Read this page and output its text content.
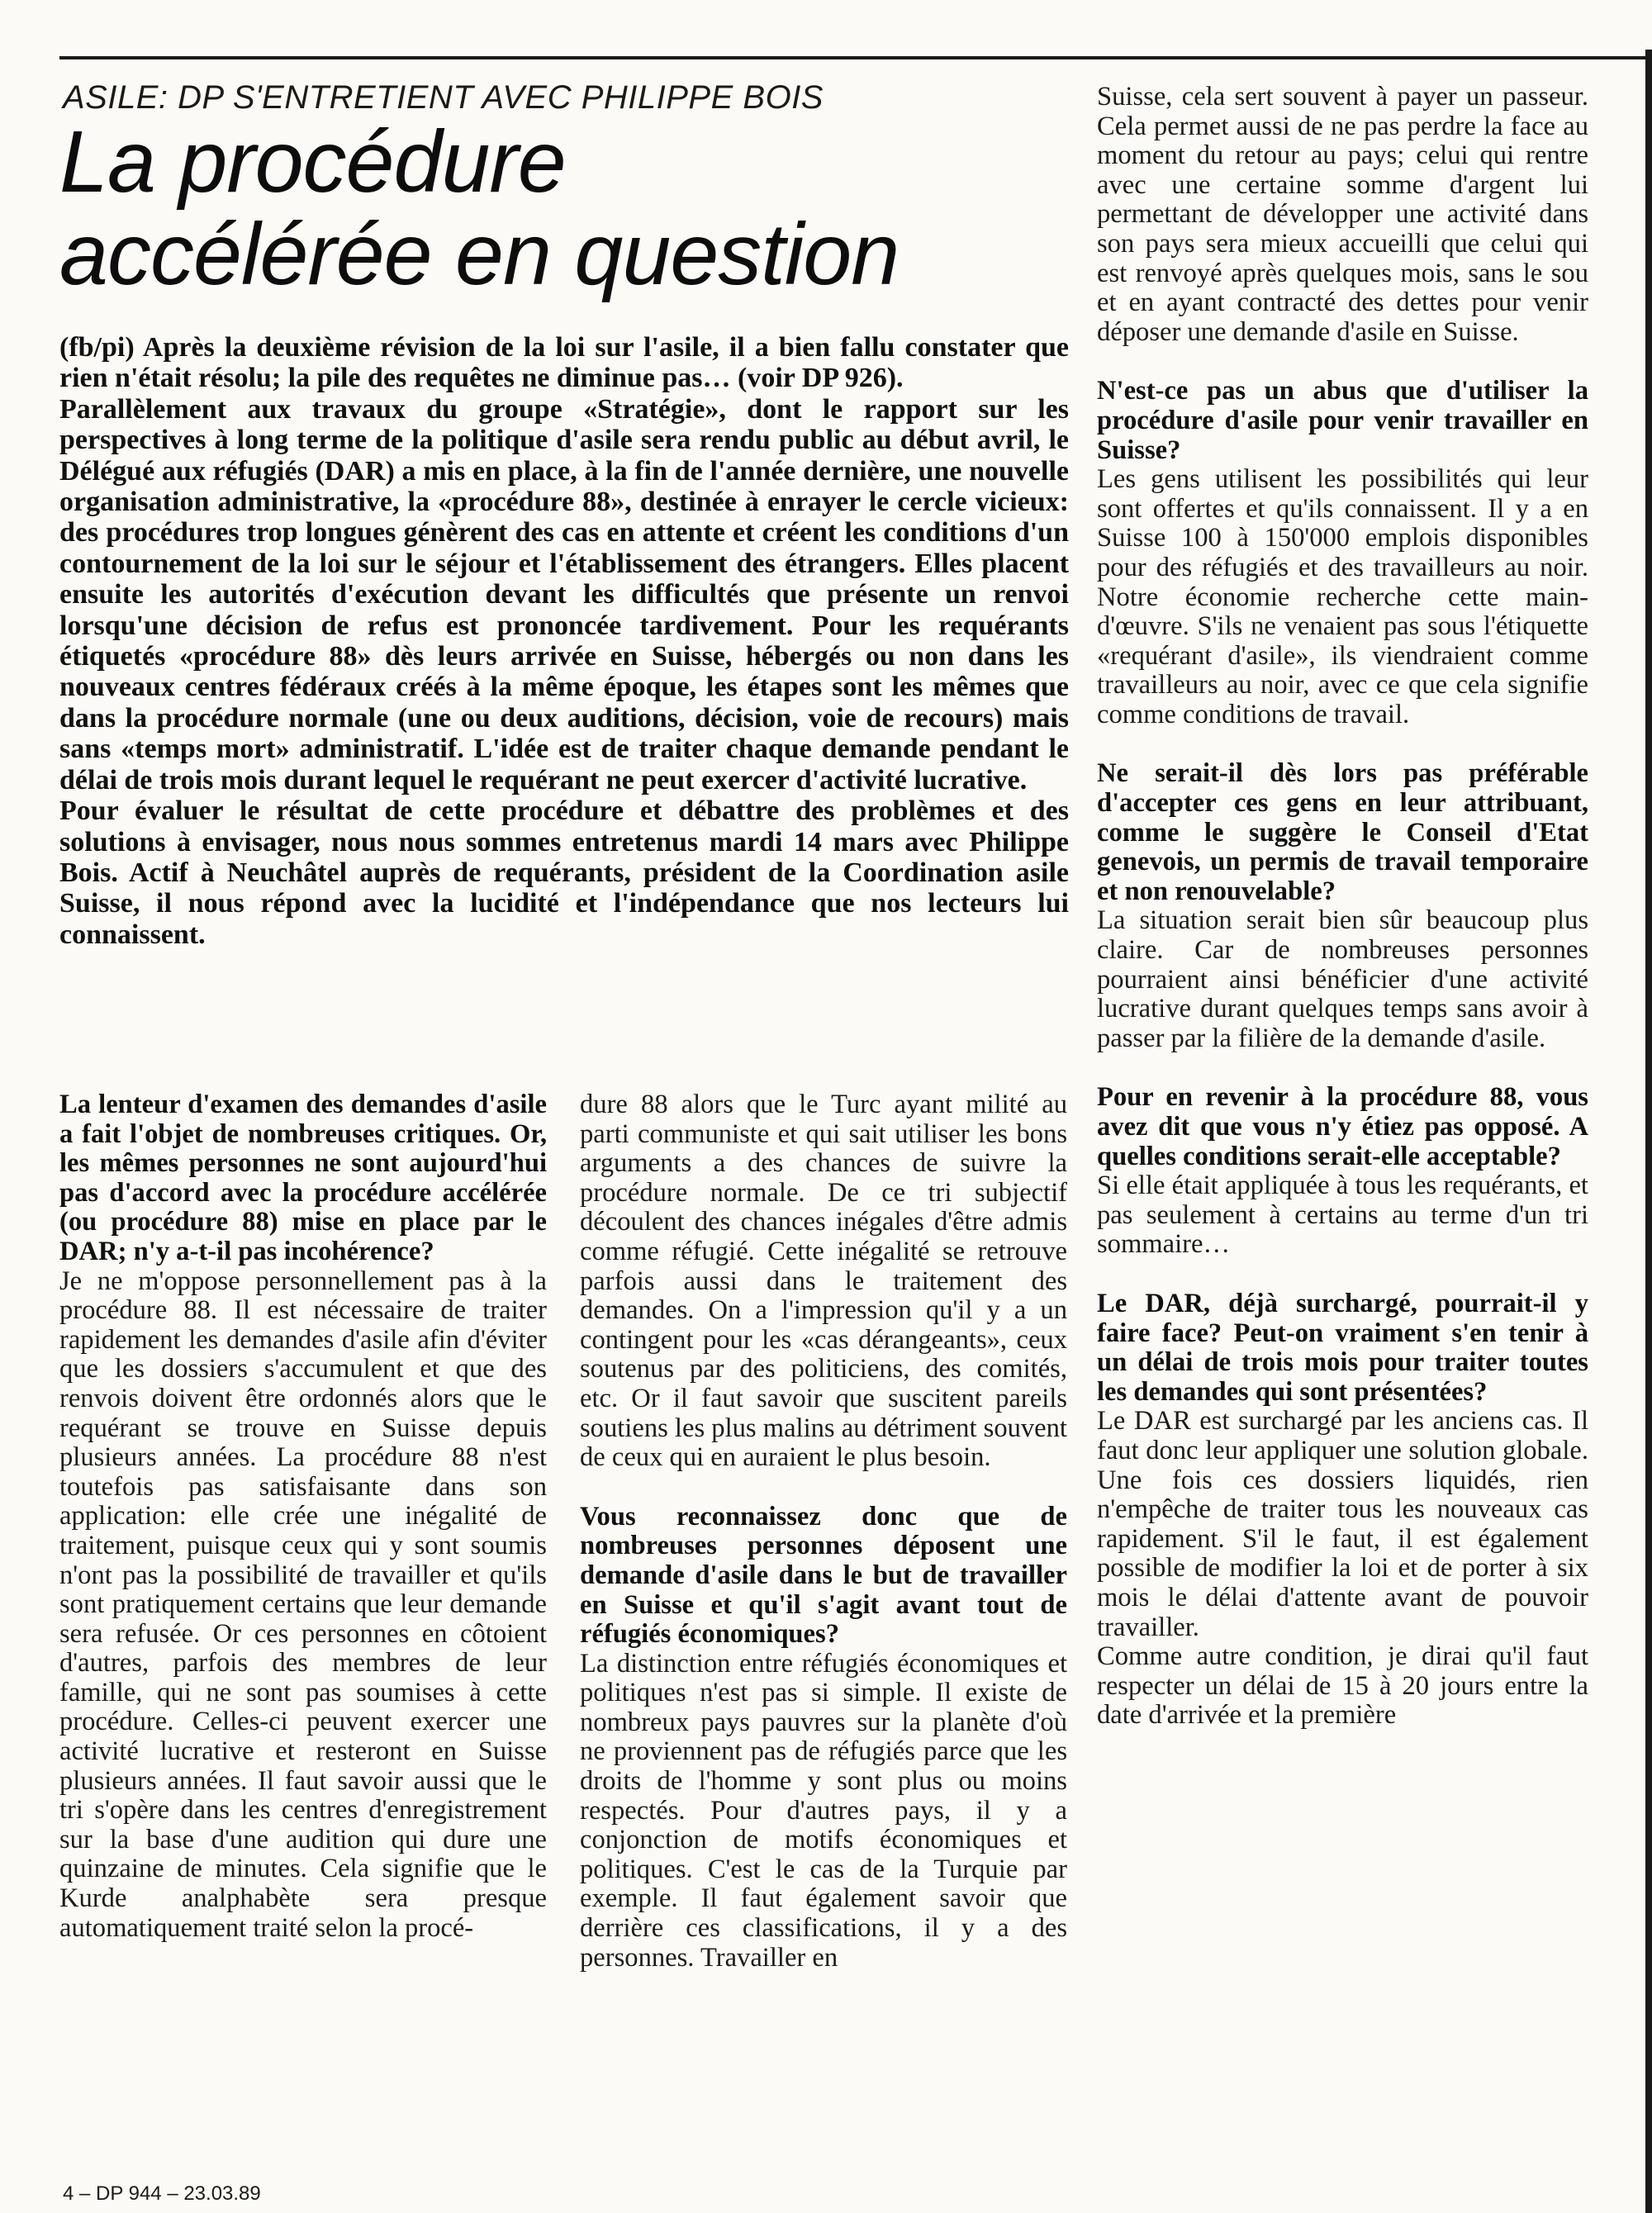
ASILE: DP S'ENTRETIENT AVEC PHILIPPE BOIS
La procédure
accélérée en question

(fb/pi) Après la deuxième révision de la loi sur l'asile, il a bien fallu constater que rien n'était résolu; la pile des requêtes ne diminue pas… (voir DP 926).

Parallèlement aux travaux du groupe «Stratégie», dont le rapport sur les perspectives à long terme de la politique d'asile sera rendu public au début avril, le Délégué aux réfugiés (DAR) a mis en place, à la fin de l'année dernière, une nouvelle organisation administrative, la «procédure 88», destinée à enrayer le cercle vicieux: des procédures trop longues génèrent des cas en attente et créent les conditions d'un contournement de la loi sur le séjour et l'établissement des étrangers. Elles placent ensuite les autorités d'exécution devant les difficultés que présente un renvoi lorsqu'une décision de refus est prononcée tardivement. Pour les requérants étiquetés «procédure 88» dès leurs arrivée en Suisse, hébergés ou non dans les nouveaux centres fédéraux créés à la même époque, les étapes sont les mêmes que dans la procédure normale (une ou deux auditions, décision, voie de recours) mais sans «temps mort» administratif. L'idée est de traiter chaque demande pendant le délai de trois mois durant lequel le requérant ne peut exercer d'activité lucrative.

Pour évaluer le résultat de cette procédure et débattre des problèmes et des solutions à envisager, nous nous sommes entretenus mardi 14 mars avec Philippe Bois. Actif à Neuchâtel auprès de requérants, président de la Coordination asile Suisse, il nous répond avec la lucidité et l'indépendance que nos lecteurs lui connaissent.

La lenteur d'examen des demandes d'asile a fait l'objet de nombreuses critiques. Or, les mêmes personnes ne sont aujourd'hui pas d'accord avec la procédure accélérée (ou procédure 88) mise en place par le DAR; n'y a-t-il pas incohérence?

Je ne m'oppose personnellement pas à la procédure 88. Il est nécessaire de traiter rapidement les demandes d'asile afin d'éviter que les dossiers s'accumulent et que des renvois doivent être ordonnés alors que le requérant se trouve en Suisse depuis plusieurs années. La procédure 88 n'est toutefois pas satisfaisante dans son application: elle crée une inégalité de traitement, puisque ceux qui y sont soumis n'ont pas la possibilité de travailler et qu'ils sont pratiquement certains que leur demande sera refusée. Or ces personnes en côtoient d'autres, parfois des membres de leur famille, qui ne sont pas soumises à cette procédure. Celles-ci peuvent exercer une activité lucrative et resteront en Suisse plusieurs années. Il faut savoir aussi que le tri s'opère dans les centres d'enregistrement sur la base d'une audition qui dure une quinzaine de minutes. Cela signifie que le Kurde analphabète sera presque automatiquement traité selon la procé-

dure 88 alors que le Turc ayant milité au parti communiste et qui sait utiliser les bons arguments a des chances de suivre la procédure normale. De ce tri subjectif découlent des chances inégales d'être admis comme réfugié. Cette inégalité se retrouve parfois aussi dans le traitement des demandes. On a l'impression qu'il y a un contingent pour les «cas dérangeants», ceux soutenus par des politiciens, des comités, etc. Or il faut savoir que suscitent pareils soutiens les plus malins au détriment souvent de ceux qui en auraient le plus besoin.

Vous reconnaissez donc que de nombreuses personnes déposent une demande d'asile dans le but de travailler en Suisse et qu'il s'agit avant tout de réfugiés économiques?

La distinction entre réfugiés économiques et politiques n'est pas si simple. Il existe de nombreux pays pauvres sur la planète d'où ne proviennent pas de réfugiés parce que les droits de l'homme y sont plus ou moins respectés. Pour d'autres pays, il y a conjonction de motifs économiques et politiques. C'est le cas de la Turquie par exemple. Il faut également savoir que derrière ces classifications, il y a des personnes. Travailler en

Suisse, cela sert souvent à payer un passeur. Cela permet aussi de ne pas perdre la face au moment du retour au pays; celui qui rentre avec une certaine somme d'argent lui permettant de développer une activité dans son pays sera mieux accueilli que celui qui est renvoyé après quelques mois, sans le sou et en ayant contracté des dettes pour venir déposer une demande d'asile en Suisse.

N'est-ce pas un abus que d'utiliser la procédure d'asile pour venir travailler en Suisse?

Les gens utilisent les possibilités qui leur sont offertes et qu'ils connaissent. Il y a en Suisse 100 à 150'000 emplois disponibles pour des réfugiés et des travailleurs au noir. Notre économie recherche cette main-d'œuvre. S'ils ne venaient pas sous l'étiquette «requérant d'asile», ils viendraient comme travailleurs au noir, avec ce que cela signifie comme conditions de travail.

Ne serait-il dès lors pas préférable d'accepter ces gens en leur attribuant, comme le suggère le Conseil d'Etat genevois, un permis de travail temporaire et non renouvelable?

La situation serait bien sûr beaucoup plus claire. Car de nombreuses personnes pourraient ainsi bénéficier d'une activité lucrative durant quelques temps sans avoir à passer par la filière de la demande d'asile.

Pour en revenir à la procédure 88, vous avez dit que vous n'y étiez pas opposé. A quelles conditions serait-elle acceptable?

Si elle était appliquée à tous les requérants, et pas seulement à certains au terme d'un tri sommaire…

Le DAR, déjà surchargé, pourrait-il y faire face? Peut-on vraiment s'en tenir à un délai de trois mois pour traiter toutes les demandes qui sont présentées?

Le DAR est surchargé par les anciens cas. Il faut donc leur appliquer une solution globale. Une fois ces dossiers liquidés, rien n'empêche de traiter tous les nouveaux cas rapidement. S'il le faut, il est également possible de modifier la loi et de porter à six mois le délai d'attente avant de pouvoir travailler.

Comme autre condition, je dirai qu'il faut respecter un délai de 15 à 20 jours entre la date d'arrivée et la première

4 – DP 944 – 23.03.89
